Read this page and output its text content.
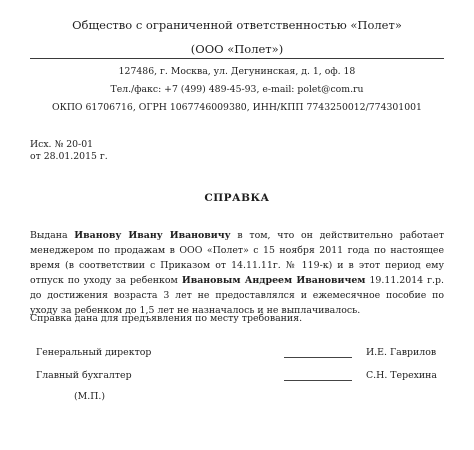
Общество с ограниченной ответственностью «Полет»
(ООО «Полет»)
127486, г. Москва, ул. Дегунинская, д. 1, оф. 18
Тел./факс: +7 (499) 489-45-93, e-mail: polet@com.ru
ОКПО 61706716, ОГРН 1067746009380, ИНН/КПП 7743250012/774301001
Исх. № 20-01
от 28.01.2015 г.
СПРАВКА
Выдана Иванову Ивану Ивановичу в том, что он действительно работает менеджером по продажам в ООО «Полет» с 15 ноября 2011 года по настоящее время (в соответствии с Приказом от 14.11.11г. № 119-к) и в этот период ему отпуск по уходу за ребенком Ивановым Андреем Ивановичем 19.11.2014 г.р. до достижения возраста 3 лет не предоставлялся и ежемесячное пособие по уходу за ребенком до 1,5 лет не назначалось и не выплачивалось.
Справка дана для предъявления по месту требования.
Генеральный директор	И.Е. Гаврилов
Главный бухгалтер	С.Н. Терехина
(М.П.)
